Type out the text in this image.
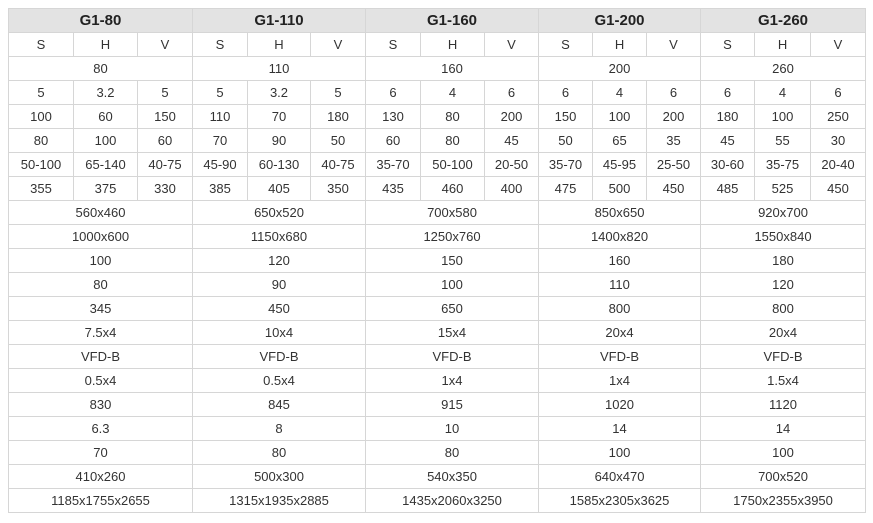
G1-80			G1-110			G1-160			G1-200			G1-260		
S	H	V	S	H	V	S	H	V	S	H	V	S	H	V
80			110			160			200			260		
5	3.2	5	5	3.2	5	6	4	6	6	4	6	6	4	6
100	60	150	110	70	180	130	80	200	150	100	200	180	100	250
80	100	60	70	90	50	60	80	45	50	65	35	45	55	30
50-100	65-140	40-75	45-90	60-130	40-75	35-70	50-100	20-50	35-70	45-95	25-50	30-60	35-75	20-40
355	375	330	385	405	350	435	460	400	475	500	450	485	525	450
560x460			650x520			700x580			850x650			920x700		
1000x600			1150x680			1250x760			1400x820			1550x840		
100			120			150			160			180		
80			90			100			110			120		
345			450			650			800			800		
7.5x4			10x4			15x4			20x4			20x4		
VFD-B			VFD-B			VFD-B			VFD-B			VFD-B		
0.5x4			0.5x4			1x4			1x4			1.5x4		
830			845			915			1020			1120		
6.3			8			10			14			14		
70			80			80			100			100		
410x260			500x300			540x350			640x470			700x520		
1185x1755x2655			1315x1935x2885			1435x2060x3250			1585x2305x3625			1750x2355x3950		
